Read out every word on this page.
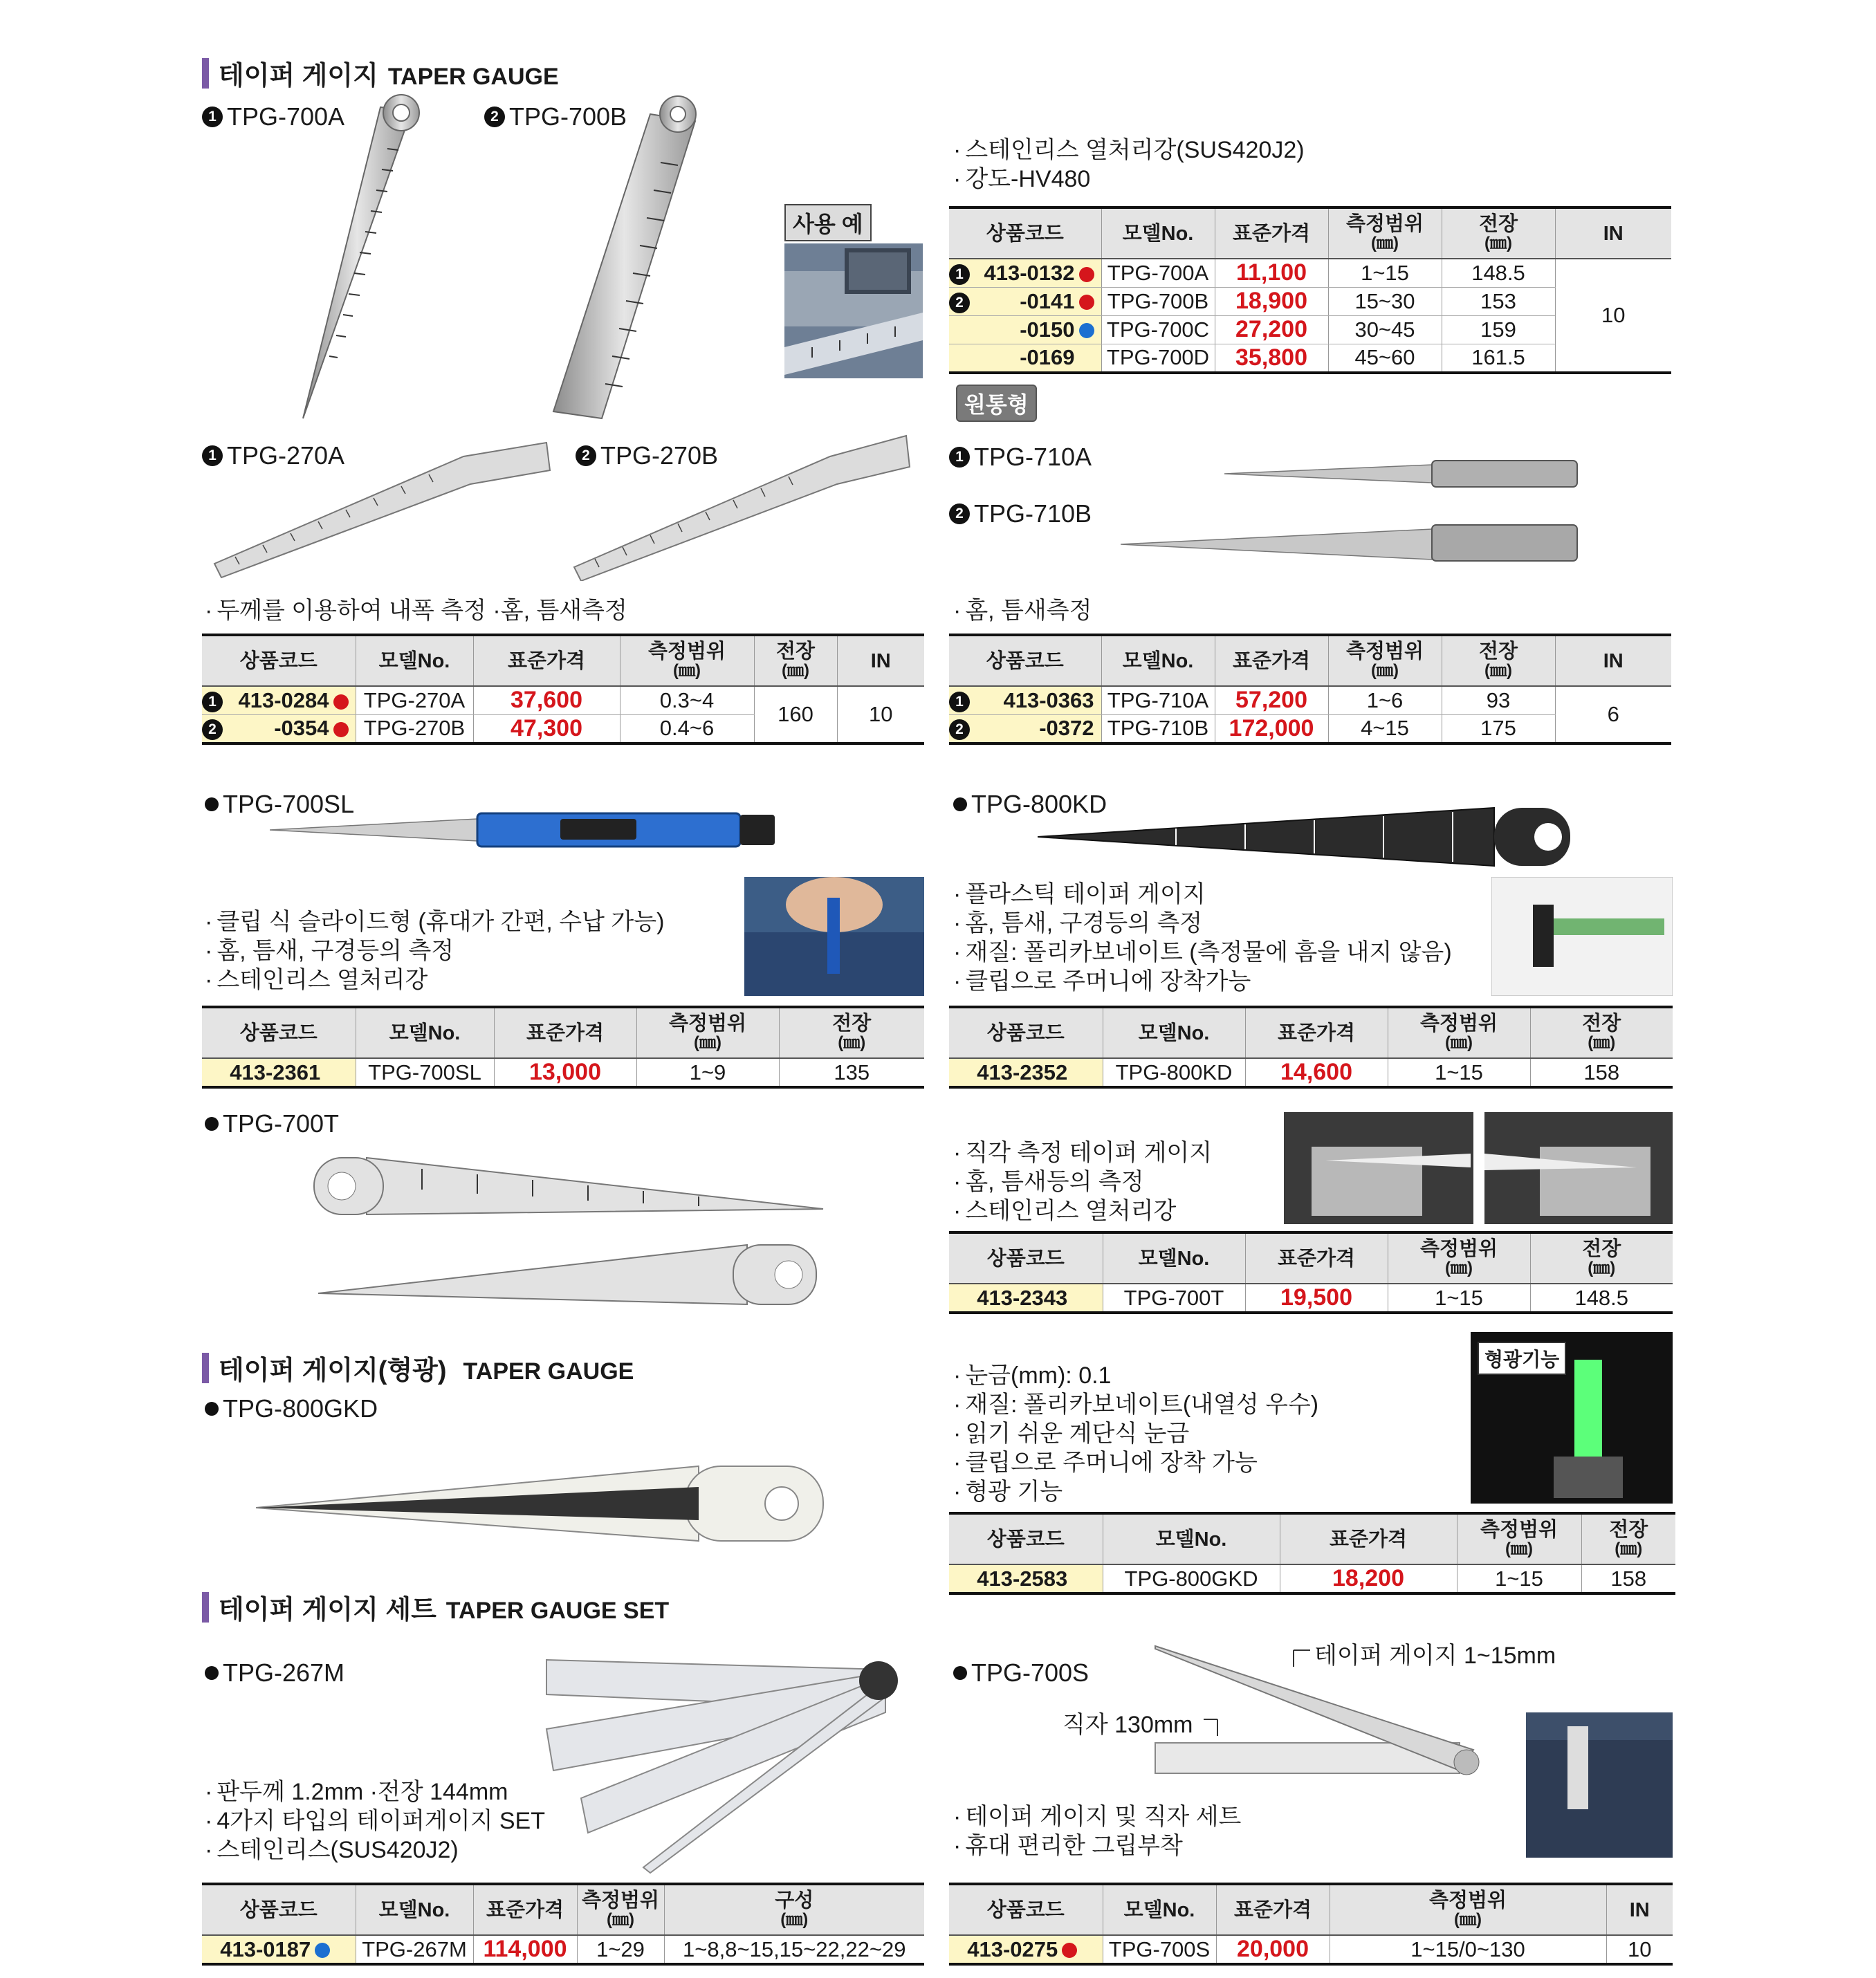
테이퍼 게이지 TAPER GAUGE
1 TPG-700A	2 TPG-700B
사용 예
· 스테인리스 열처리강(SUS420J2)
· 강도-HV480
상품코드	모델No.	표준가격	측정범위
(㎜)	전장
(㎜)	IN

1 413-0132	TPG-700A	11,100	1~15	148.5	10

2 -0141	TPG-700B	18,900	15~30	153	
-0150	TPG-700C	27,200	30~45	159	
-0169	TPG-700D	35,800	45~60	161.5	
원통형
1 TPG-270A	2 TPG-270B	1 TPG-710A
2 TPG-710B
· 두께를 이용하여 내폭 측정 ·홈, 틈새측정	· 홈, 틈새측정
상품코드	모델No.	표준가격	측정범위
(㎜)	전장
(㎜)	IN

1 413-0284	TPG-270A	37,600	0.3~4	160	10

2 -0354	TPG-270B	47,300	0.4~6		
상품코드	모델No.	표준가격	측정범위
(㎜)	전장
(㎜)	IN

1 413-0363	TPG-710A	57,200	1~6	93	6

2 -0372	TPG-710B	172,000	4~15	175	
TPG-700SL
· 클립 식 슬라이드형 (휴대가 간편, 수납 가능)
· 홈, 틈새, 구경등의 측정
· 스테인리스 열처리강
상품코드	모델No.	표준가격	측정범위
(㎜)	전장
(㎜)

413-2361	TPG-700SL	13,000	1~9	135
TPG-800KD
· 플라스틱 테이퍼 게이지
· 홈, 틈새, 구경등의 측정
· 재질: 폴리카보네이트 (측정물에 흠을 내지 않음)
· 클립으로 주머니에 장착가능
상품코드	모델No.	표준가격	측정범위
(㎜)	전장
(㎜)

413-2352	TPG-800KD	14,600	1~15	158
TPG-700T
· 직각 측정 테이퍼 게이지
· 홈, 틈새등의 측정
· 스테인리스 열처리강
상품코드	모델No.	표준가격	측정범위
(㎜)	전장
(㎜)

413-2343	TPG-700T	19,500	1~15	148.5
테이퍼 게이지(형광) TAPER GAUGE
TPG-800GKD
· 눈금(mm): 0.1
· 재질: 폴리카보네이트(내열성 우수)
· 읽기 쉬운 계단식 눈금
· 클립으로 주머니에 장착 가능
· 형광 기능
형광기능
상품코드	모델No.	표준가격	측정범위
(㎜)	전장
(㎜)

413-2583	TPG-800GKD	18,200	1~15	158
테이퍼 게이지 세트 TAPER GAUGE SET
TPG-267M
· 판두께 1.2mm ·전장 144mm
· 4가지 타입의 테이퍼게이지 SET
· 스테인리스(SUS420J2)
상품코드	모델No.	표준가격	측정범위
(㎜)	구성
(㎜)

413-0187	TPG-267M	114,000	1~29	1~8,8~15,15~22,22~29
TPG-700S
테이퍼 게이지 1~15mm
직자 130mm
· 테이퍼 게이지 및 직자 세트
· 휴대 편리한 그립부착
상품코드	모델No.	표준가격	측정범위
(㎜)	IN
413-0275	TPG-700S	20,000	1~15/0~130	10
